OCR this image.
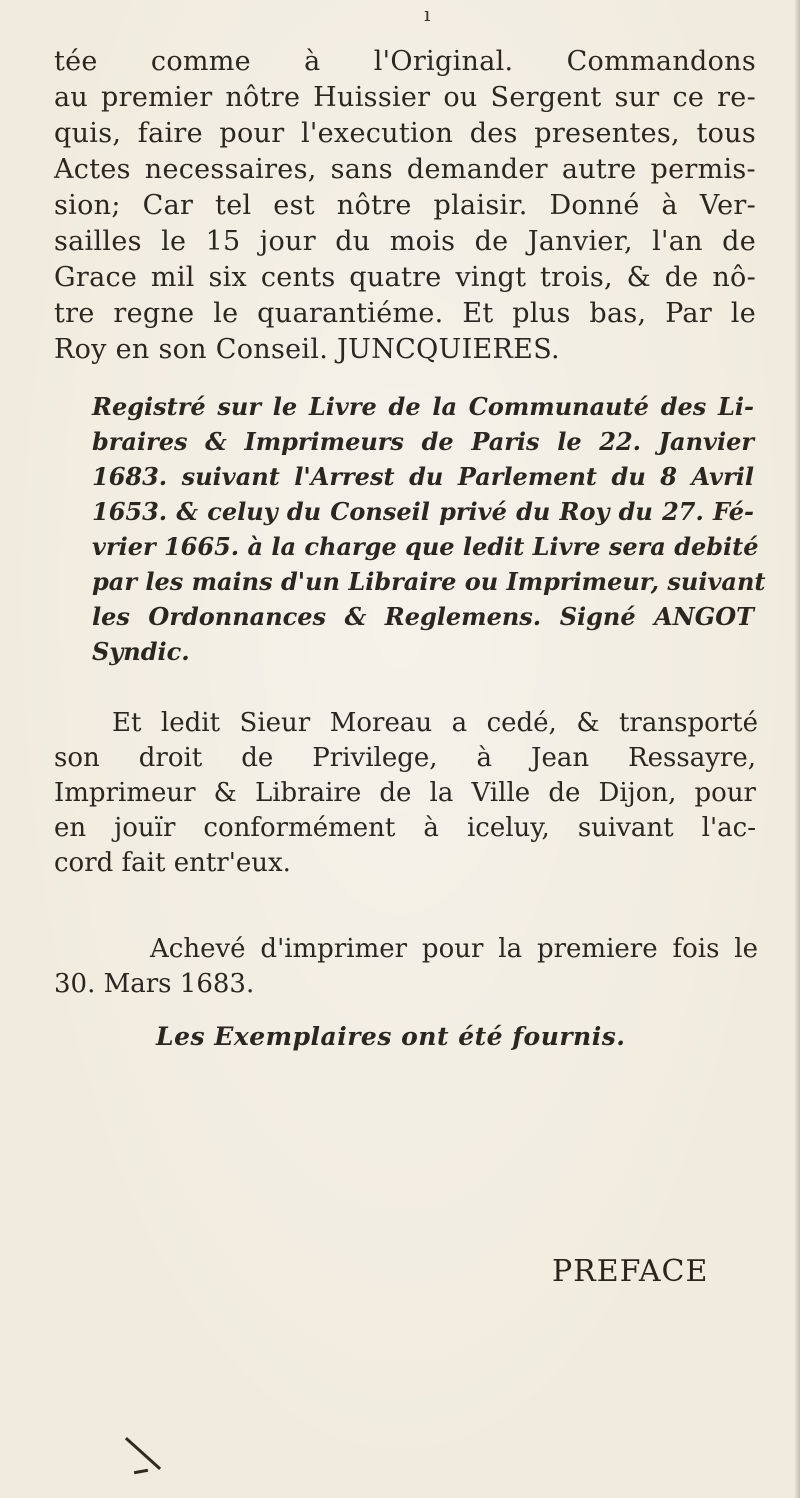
ı
tée comme à l'Original. Commandons
au premier nôtre Huissier ou Sergent sur ce re-
quis, faire pour l'execution des presentes, tous
Actes necessaires, sans demander autre permis-
sion; Car tel est nôtre plaisir. Donné à Ver-
sailles le 15 jour du mois de Janvier, l'an de
Grace mil six cents quatre vingt trois, & de nô-
tre regne le quarantiéme. Et plus bas, Par le
Roy en son Conseil. JUNCQUIERES.
Registré sur le Livre de la Communauté des Li-
braires & Imprimeurs de Paris le 22. Janvier
1683. suivant l'Arrest du Parlement du 8 Avril
1653. & celuy du Conseil privé du Roy du 27. Fé-
vrier 1665. à la charge que ledit Livre sera debité
par les mains d'un Libraire ou Imprimeur, suivant
les Ordonnances & Reglemens. Signé ANGOT
Syndic.
Et ledit Sieur Moreau a cedé, & transporté
son droit de Privilege, à Jean Ressayre,
Imprimeur & Libraire de la Ville de Dijon, pour
en jouïr conformément à iceluy, suivant l'ac-
cord fait entr'eux.
Achevé d'imprimer pour la premiere fois le
30. Mars 1683.
Les Exemplaires ont été fournis.
PREFACE
